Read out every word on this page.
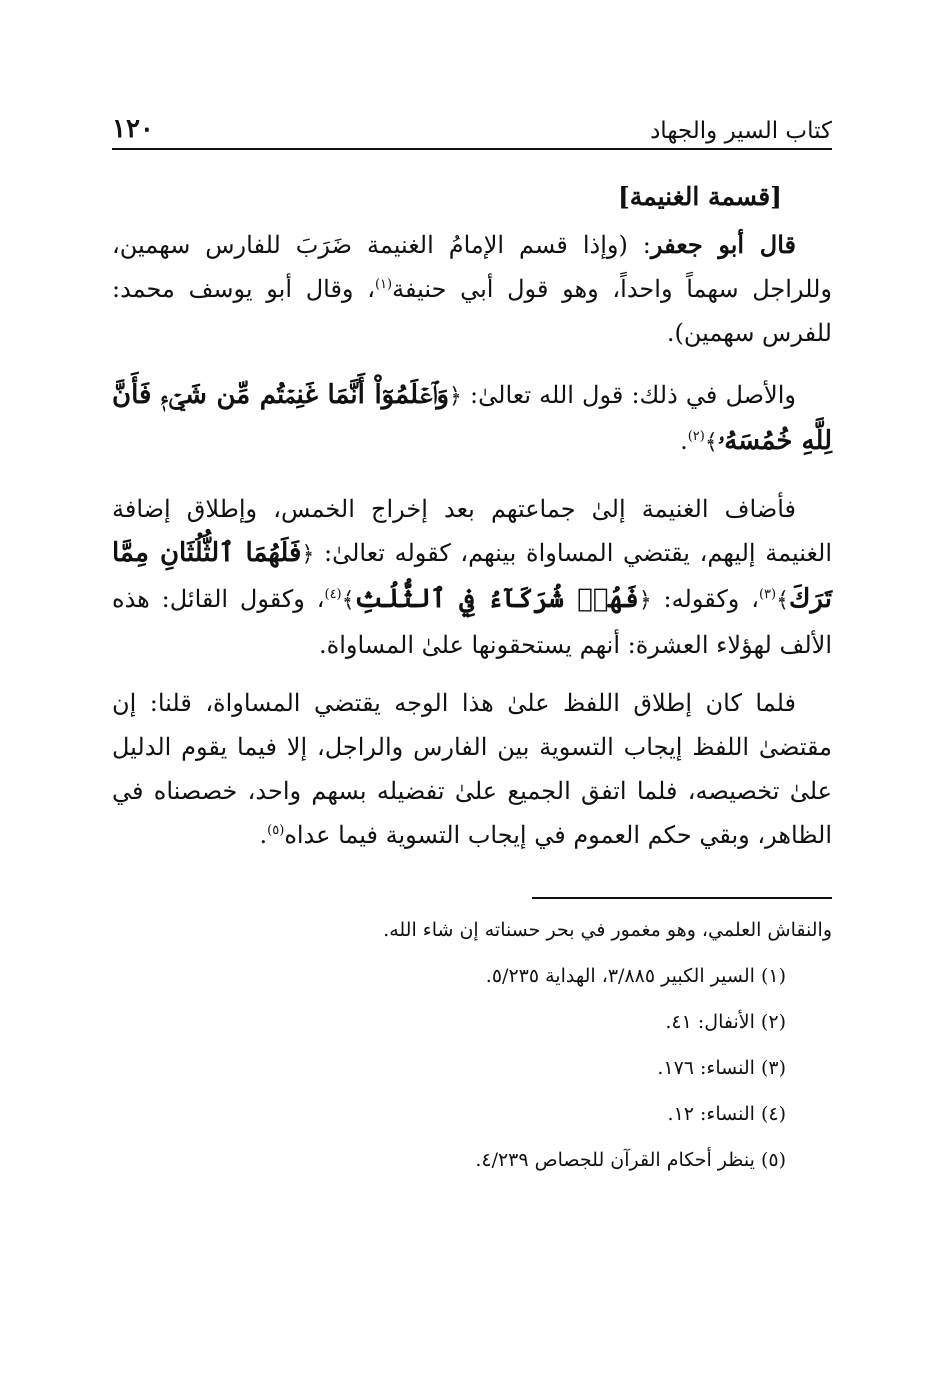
كتاب السير والجهاد
١٢٠
[قسمة الغنيمة]

قال أبو جعفر: (وإذا قسم الإمامُ الغنيمة ضَرَبَ للفارس سهمين، وللراجل سهماً واحداً، وهو قول أبي حنيفة$^{(١)}$، وقال أبو يوسف محمد: للفرس سهمين).

والأصل في ذلك: قول الله تعالىٰ: ﴿وَٱعۡلَمُوٓاْ أَنَّمَا غَنِمۡتُم مِّن شَيۡءٖ فَأَنَّ لِلَّهِ خُمُسَهُۥ﴾$^{(٢)}$.

فأضاف الغنيمة إلىٰ جماعتهم بعد إخراج الخمس، وإطلاق إضافة الغنيمة إليهم، يقتضي المساواة بينهم، كقوله تعالىٰ: ﴿فَلَهُمَا ٱلثُّلُثَانِ مِمَّا تَرَكَ﴾$^{(٣)}$، وكقوله: ﴿فَهُمۡ شُرَكَآءُ فِي ٱلثُّلُثِ﴾$^{(٤)}$، وكقول القائل: هذه الألف لهؤلاء العشرة: أنهم يستحقونها علىٰ المساواة.

فلما كان إطلاق اللفظ علىٰ هذا الوجه يقتضي المساواة، قلنا: إن مقتضىٰ اللفظ إيجاب التسوية بين الفارس والراجل، إلا فيما يقوم الدليل علىٰ تخصيصه، فلما اتفق الجميع علىٰ تفضيله بسهم واحد، خصصناه في الظاهر، وبقي حكم العموم في إيجاب التسوية فيما عداه$^{(٥)}$.

والنقاش العلمي، وهو مغمور في بحر حسناته إن شاء الله.

(١) السير الكبير ٣/٨٨٥، الهداية ٥/٢٣٥.

(٢) الأنفال: ٤١.

(٣) النساء: ١٧٦.

(٤) النساء: ١٢.

(٥) ينظر أحكام القرآن للجصاص ٤/٢٣٩.
